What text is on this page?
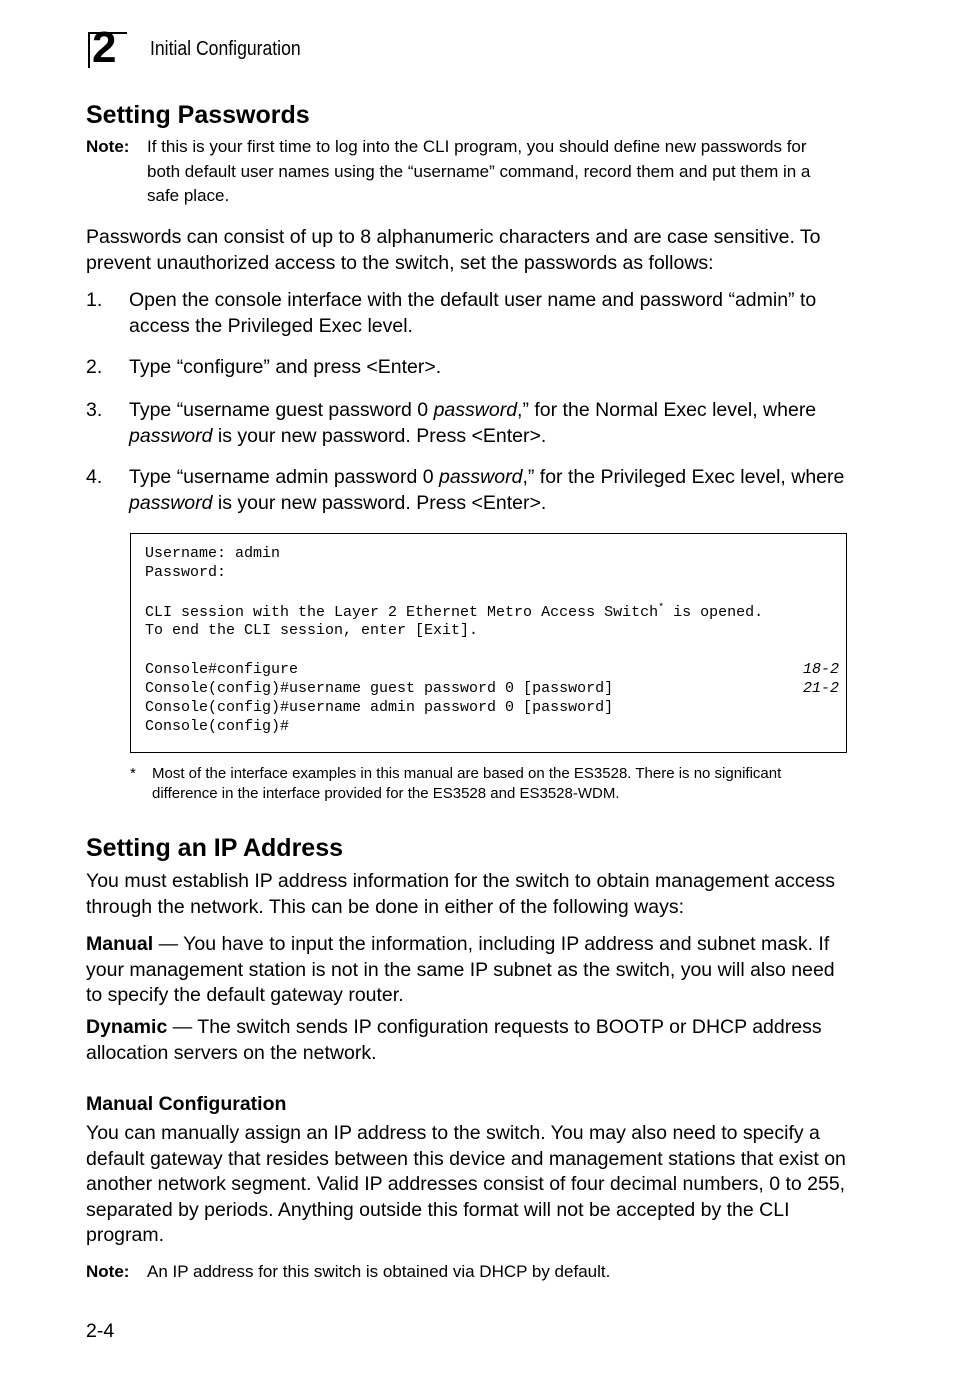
2 Initial Configuration
Setting Passwords
Note: If this is your first time to log into the CLI program, you should define new passwords for both default user names using the “username” command, record them and put them in a safe place.
Passwords can consist of up to 8 alphanumeric characters and are case sensitive. To prevent unauthorized access to the switch, set the passwords as follows:
1. Open the console interface with the default user name and password “admin” to access the Privileged Exec level.
2. Type “configure” and press <Enter>.
3. Type “username guest password 0 password,” for the Normal Exec level, where password is your new password. Press <Enter>.
4. Type “username admin password 0 password,” for the Privileged Exec level, where password is your new password. Press <Enter>.
Username: admin
Password:
CLI session with the Layer 2 Ethernet Metro Access Switch* is opened.
To end the CLI session, enter [Exit].
Console#configure	18-2
Console(config)#username guest password 0 [password]	21-2
Console(config)#username admin password 0 [password]
Console(config)#
* Most of the interface examples in this manual are based on the ES3528. There is no significant difference in the interface provided for the ES3528 and ES3528-WDM.
Setting an IP Address
You must establish IP address information for the switch to obtain management access through the network. This can be done in either of the following ways:
Manual — You have to input the information, including IP address and subnet mask. If your management station is not in the same IP subnet as the switch, you will also need to specify the default gateway router.
Dynamic — The switch sends IP configuration requests to BOOTP or DHCP address allocation servers on the network.
Manual Configuration
You can manually assign an IP address to the switch. You may also need to specify a default gateway that resides between this device and management stations that exist on another network segment. Valid IP addresses consist of four decimal numbers, 0 to 255, separated by periods. Anything outside this format will not be accepted by the CLI program.
Note: An IP address for this switch is obtained via DHCP by default.
2-4
